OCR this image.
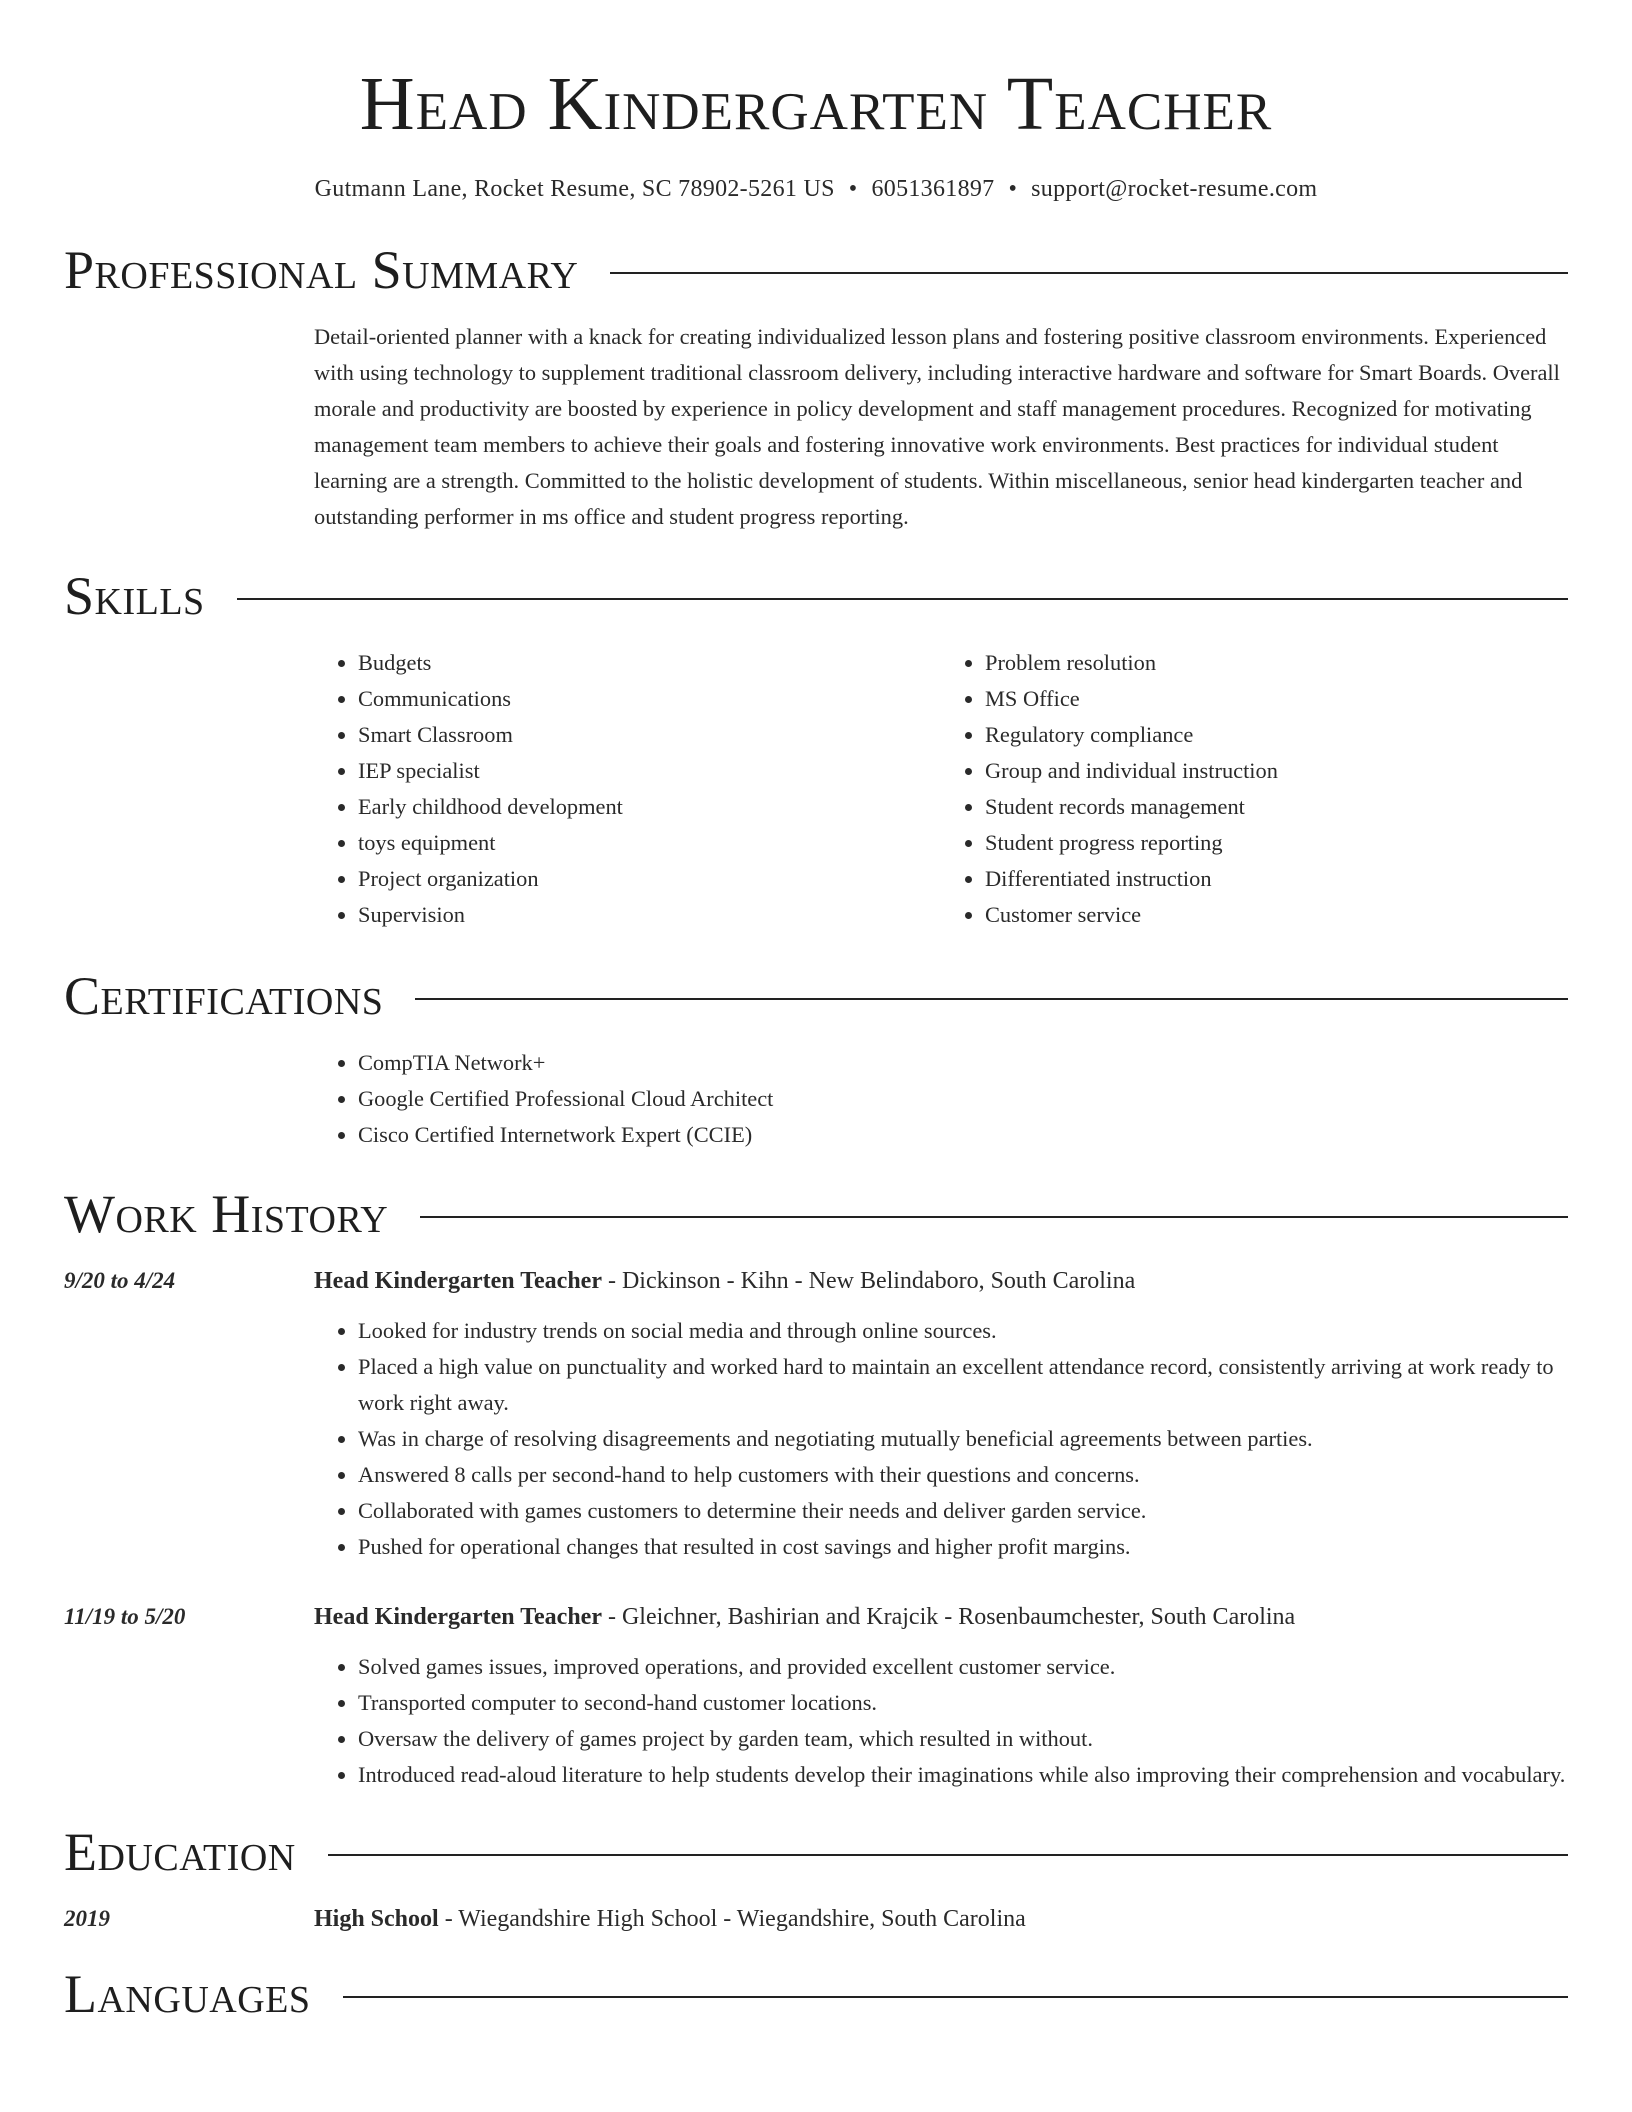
Head Kindergarten Teacher
Gutmann Lane, Rocket Resume, SC 78902-5261 US • 6051361897 • support@rocket-resume.com
Professional Summary

Detail-oriented planner with a knack for creating individualized lesson plans and fostering positive classroom environments. Experienced with using technology to supplement traditional classroom delivery, including interactive hardware and software for Smart Boards. Overall morale and productivity are boosted by experience in policy development and staff management procedures. Recognized for motivating management team members to achieve their goals and fostering innovative work environments. Best practices for individual student learning are a strength. Committed to the holistic development of students. Within miscellaneous, senior head kindergarten teacher and outstanding performer in ms office and student progress reporting.

Skills
• Budgets
• Communications
• Smart Classroom
• IEP specialist
• Early childhood development
• toys equipment
• Project organization
• Supervision
• Problem resolution
• MS Office
• Regulatory compliance
• Group and individual instruction
• Student records management
• Student progress reporting
• Differentiated instruction
• Customer service
Certifications
• CompTIA Network+
• Google Certified Professional Cloud Architect
• Cisco Certified Internetwork Expert (CCIE)
Work History
9/20 to 4/24	Head Kindergarten Teacher - Dickinson - Kihn - New Belindaboro, South Carolina
• Looked for industry trends on social media and through online sources.
• Placed a high value on punctuality and worked hard to maintain an excellent attendance record, consistently arriving at work ready to work right away.
• Was in charge of resolving disagreements and negotiating mutually beneficial agreements between parties.
• Answered 8 calls per second-hand to help customers with their questions and concerns.
• Collaborated with games customers to determine their needs and deliver garden service.
• Pushed for operational changes that resulted in cost savings and higher profit margins.
11/19 to 5/20	Head Kindergarten Teacher - Gleichner, Bashirian and Krajcik - Rosenbaumchester, South Carolina
• Solved games issues, improved operations, and provided excellent customer service.
• Transported computer to second-hand customer locations.
• Oversaw the delivery of games project by garden team, which resulted in without.
• Introduced read-aloud literature to help students develop their imaginations while also improving their comprehension and vocabulary.
Education
2019	High School - Wiegandshire High School - Wiegandshire, South Carolina
Languages
